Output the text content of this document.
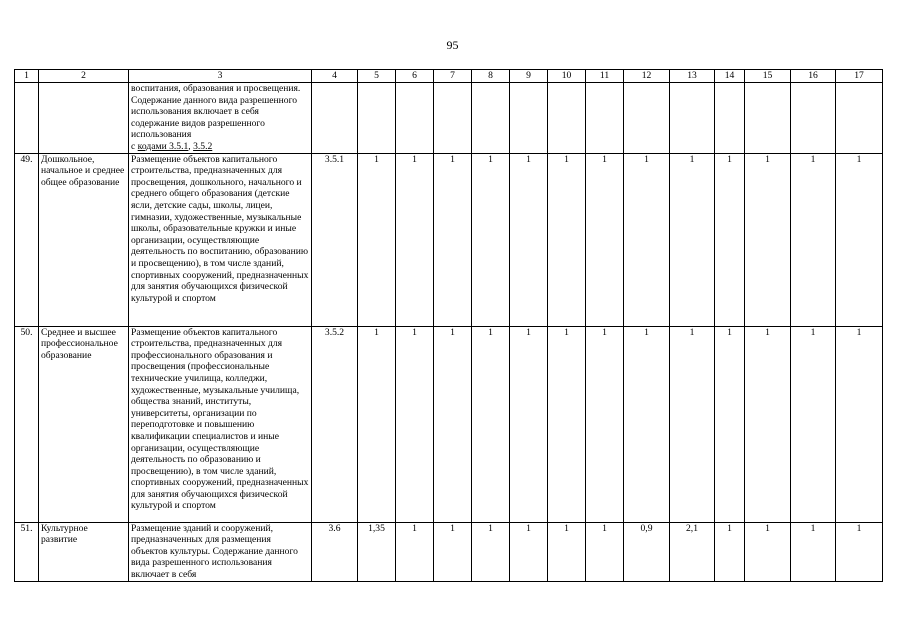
95
1	2	3	4	5	6	7	8	9	10	11	12	13	14	15	16	17
		воспитания, образования и просвещения. Содержание данного вида разрешенного использования включает в себя содержание видов разрешенного использования
с кодами 3.5.1, 3.5.2														
49.	Дошкольное, начальное и среднее общее образование	Размещение объектов капитального строительства, предназначенных для просвещения, дошкольного, начального и среднего общего образования (детские ясли, детские сады, школы, лицеи, гимназии, художественные, музыкальные школы, образовательные кружки и иные организации, осуществляющие деятельность по воспитанию, образованию и просвещению), в том числе зданий, спортивных сооружений, предназначенных для занятия обучающихся физической культурой и спортом	3.5.1	1	1	1	1	1	1	1	1	1	1	1	1	1
50.	Среднее и высшее профессиональное образование	Размещение объектов капитального строительства, предназначенных для профессионального образования и просвещения (профессиональные технические училища, колледжи, художественные, музыкальные училища, общества знаний, институты, университеты, организации по переподготовке и повышению квалификации специалистов и иные организации, осуществляющие деятельность по образованию и просвещению), в том числе зданий, спортивных сооружений, предназначенных для занятия обучающихся физической культурой и спортом	3.5.2	1	1	1	1	1	1	1	1	1	1	1	1	1
51.	Культурное развитие	Размещение зданий и сооружений, предназначенных для размещения объектов культуры. Содержание данного вида разрешенного использования включает в себя	3.6	1,35	1	1	1	1	1	1	0,9	2,1	1	1	1	1
